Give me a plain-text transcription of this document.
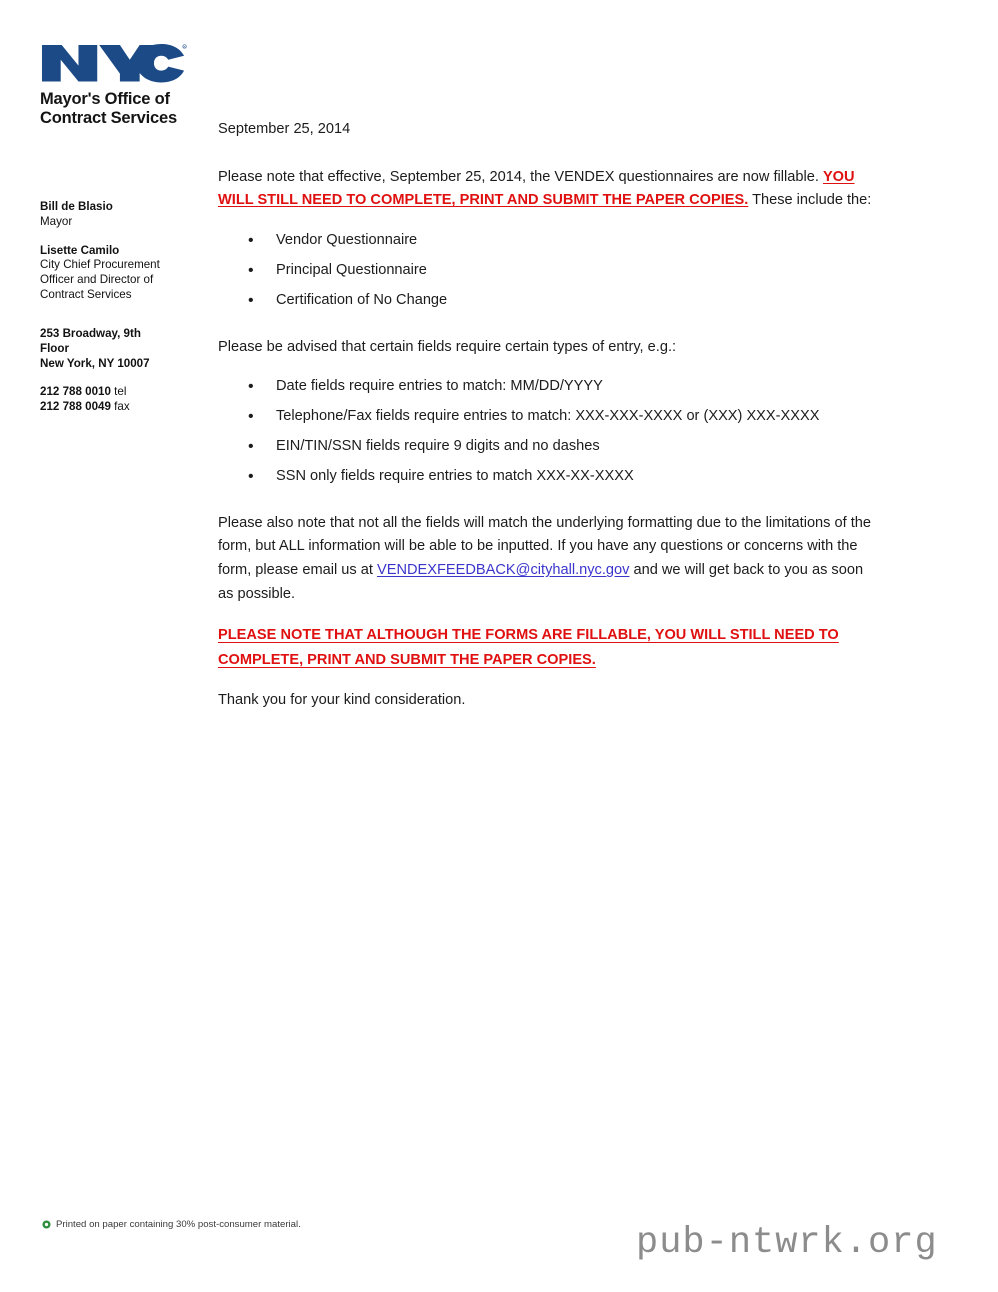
R
Mayor's Office of
Contract Services
Bill de Blasio
Mayor
Lisette Camilo
City Chief Procurement
Officer and Director of
Contract Services
253 Broadway, 9th
Floor
New York, NY 10007
212 788 0010 tel
212 788 0049 fax

September 25, 2014

Please note that effective, September 25, 2014, the VENDEX questionnaires are now fillable. YOU WILL STILL NEED TO COMPLETE, PRINT AND SUBMIT THE PAPER COPIES. These include the:

• Vendor Questionnaire
• Principal Questionnaire
• Certification of No Change

Please be advised that certain fields require certain types of entry, e.g.:

• Date fields require entries to match: MM/DD/YYYY
• Telephone/Fax fields require entries to match: XXX-XXX-XXXX or (XXX) XXX-XXXX
• EIN/TIN/SSN fields require 9 digits and no dashes
• SSN only fields require entries to match XXX-XX-XXXX

Please also note that not all the fields will match the underlying formatting due to the limitations of the form, but ALL information will be able to be inputted. If you have any questions or concerns with the form, please email us at VENDEXFEEDBACK@cityhall.nyc.gov and we will get back to you as soon as possible.

PLEASE NOTE THAT ALTHOUGH THE FORMS ARE FILLABLE, YOU WILL STILL NEED TO COMPLETE, PRINT AND SUBMIT THE PAPER COPIES.

Thank you for your kind consideration.

Printed on paper containing 30% post-consumer material.	pub-ntwrk.org
